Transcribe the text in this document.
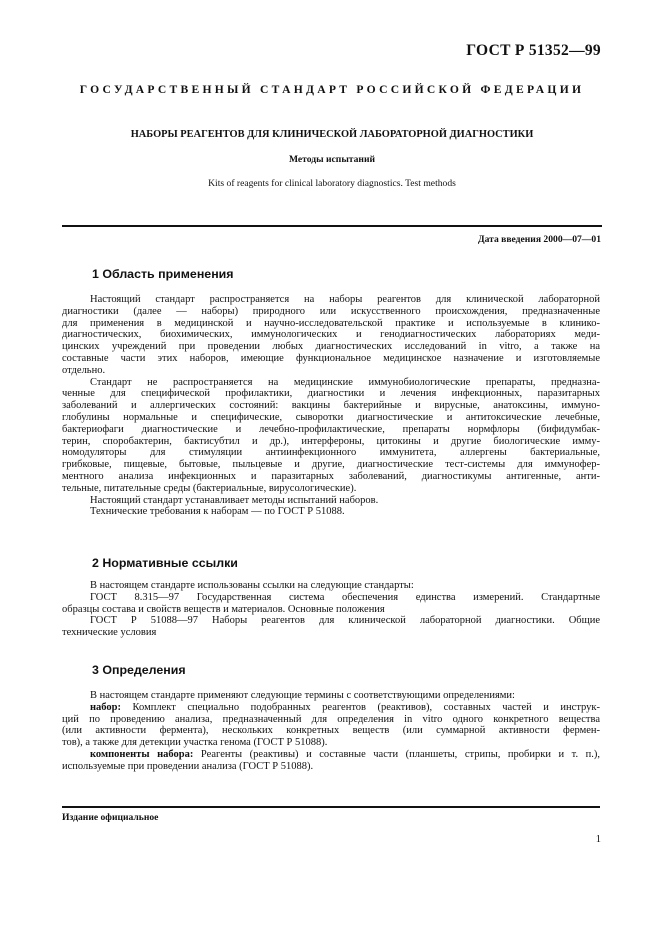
ГОСТ Р 51352—99
ГОСУДАРСТВЕННЫЙ СТАНДАРТ РОССИЙСКОЙ ФЕДЕРАЦИИ
НАБОРЫ РЕАГЕНТОВ ДЛЯ КЛИНИЧЕСКОЙ ЛАБОРАТОРНОЙ ДИАГНОСТИКИ
Методы испытаний
Kits of reagents for clinical laboratory diagnostics. Test methods
Дата введения 2000—07—01
1 Область применения
Настоящий стандарт распространяется на наборы реагентов для клинической лабораторной
диагностики (далее — наборы) природного или искусственного происхождения, предназначенные
для применения в медицинской и научно-исследовательской практике и используемые в клинико-
диагностических, биохимических, иммунологических и генодиагностических лабораториях меди-
цинских учреждений при проведении любых диагностических исследований in vitro, а также на
составные части этих наборов, имеющие функциональное медицинское назначение и изготовляемые
отдельно.
Стандарт не распространяется на медицинские иммунобиологические препараты, предназна-
ченные для специфической профилактики, диагностики и лечения инфекционных, паразитарных
заболеваний и аллергических состояний: вакцины бактерийные и вирусные, анатоксины, иммуно-
глобулины нормальные и специфические, сыворотки диагностические и антитоксические лечебные,
бактериофаги диагностические и лечебно-профилактические, препараты нормфлоры (бифидумбак-
терин, споробактерин, бактисубтил и др.), интерфероны, цитокины и другие биологические имму-
номодуляторы для стимуляции антиинфекционного иммунитета, аллергены бактериальные,
грибковые, пищевые, бытовые, пыльцевые и другие, диагностические тест-системы для иммунофер-
ментного анализа инфекционных и паразитарных заболеваний, диагностикумы антигенные, анти-
тельные, питательные среды (бактериальные, вирусологические).
Настоящий стандарт устанавливает методы испытаний наборов.
Технические требования к наборам — по ГОСТ Р 51088.
2 Нормативные ссылки
В настоящем стандарте использованы ссылки на следующие стандарты:
ГОСТ 8.315—97 Государственная система обеспечения единства измерений. Стандартные
образцы состава и свойств веществ и материалов. Основные положения
ГОСТ Р 51088—97 Наборы реагентов для клинической лабораторной диагностики. Общие
технические условия
3 Определения
В настоящем стандарте применяют следующие термины с соответствующими определениями:
набор: Комплект специально подобранных реагентов (реактивов), составных частей и инструк-
ций по проведению анализа, предназначенный для определения in vitro одного конкретного вещества
(или активности фермента), нескольких конкретных веществ (или суммарной активности фермен-
тов), а также для детекции участка генома (ГОСТ Р 51088).
компоненты набора: Реагенты (реактивы) и составные части (планшеты, стрипы, пробирки и т. п.),
используемые при проведении анализа (ГОСТ Р 51088).
Издание официальное
1
